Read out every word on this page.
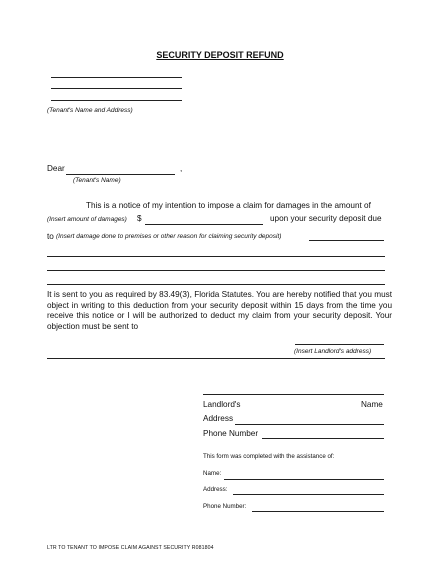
SECURITY DEPOSIT REFUND
(Tenant's Name and Address)
Dear	,
(Tenant's Name)
This is a notice of my intention to impose a claim for damages in the amount of
(Insert amount of damages) $	upon your security deposit due
to (Insert damage done to premises or other reason for claiming security deposit)
It is sent to you as required by 83.49(3), Florida Statutes. You are hereby notified that you must object in writing to this deduction from your security deposit within 15 days from the time you receive this notice or I will be authorized to deduct my claim from your security deposit. Your objection must be sent to
(Insert Landlord's address)
Landlord's	Name
Address
Phone Number
This form was completed with the assistance of:
Name:
Address:
Phone Number:
LTR TO TENANT TO IMPOSE CLAIM AGAINST SECURITY R081804
